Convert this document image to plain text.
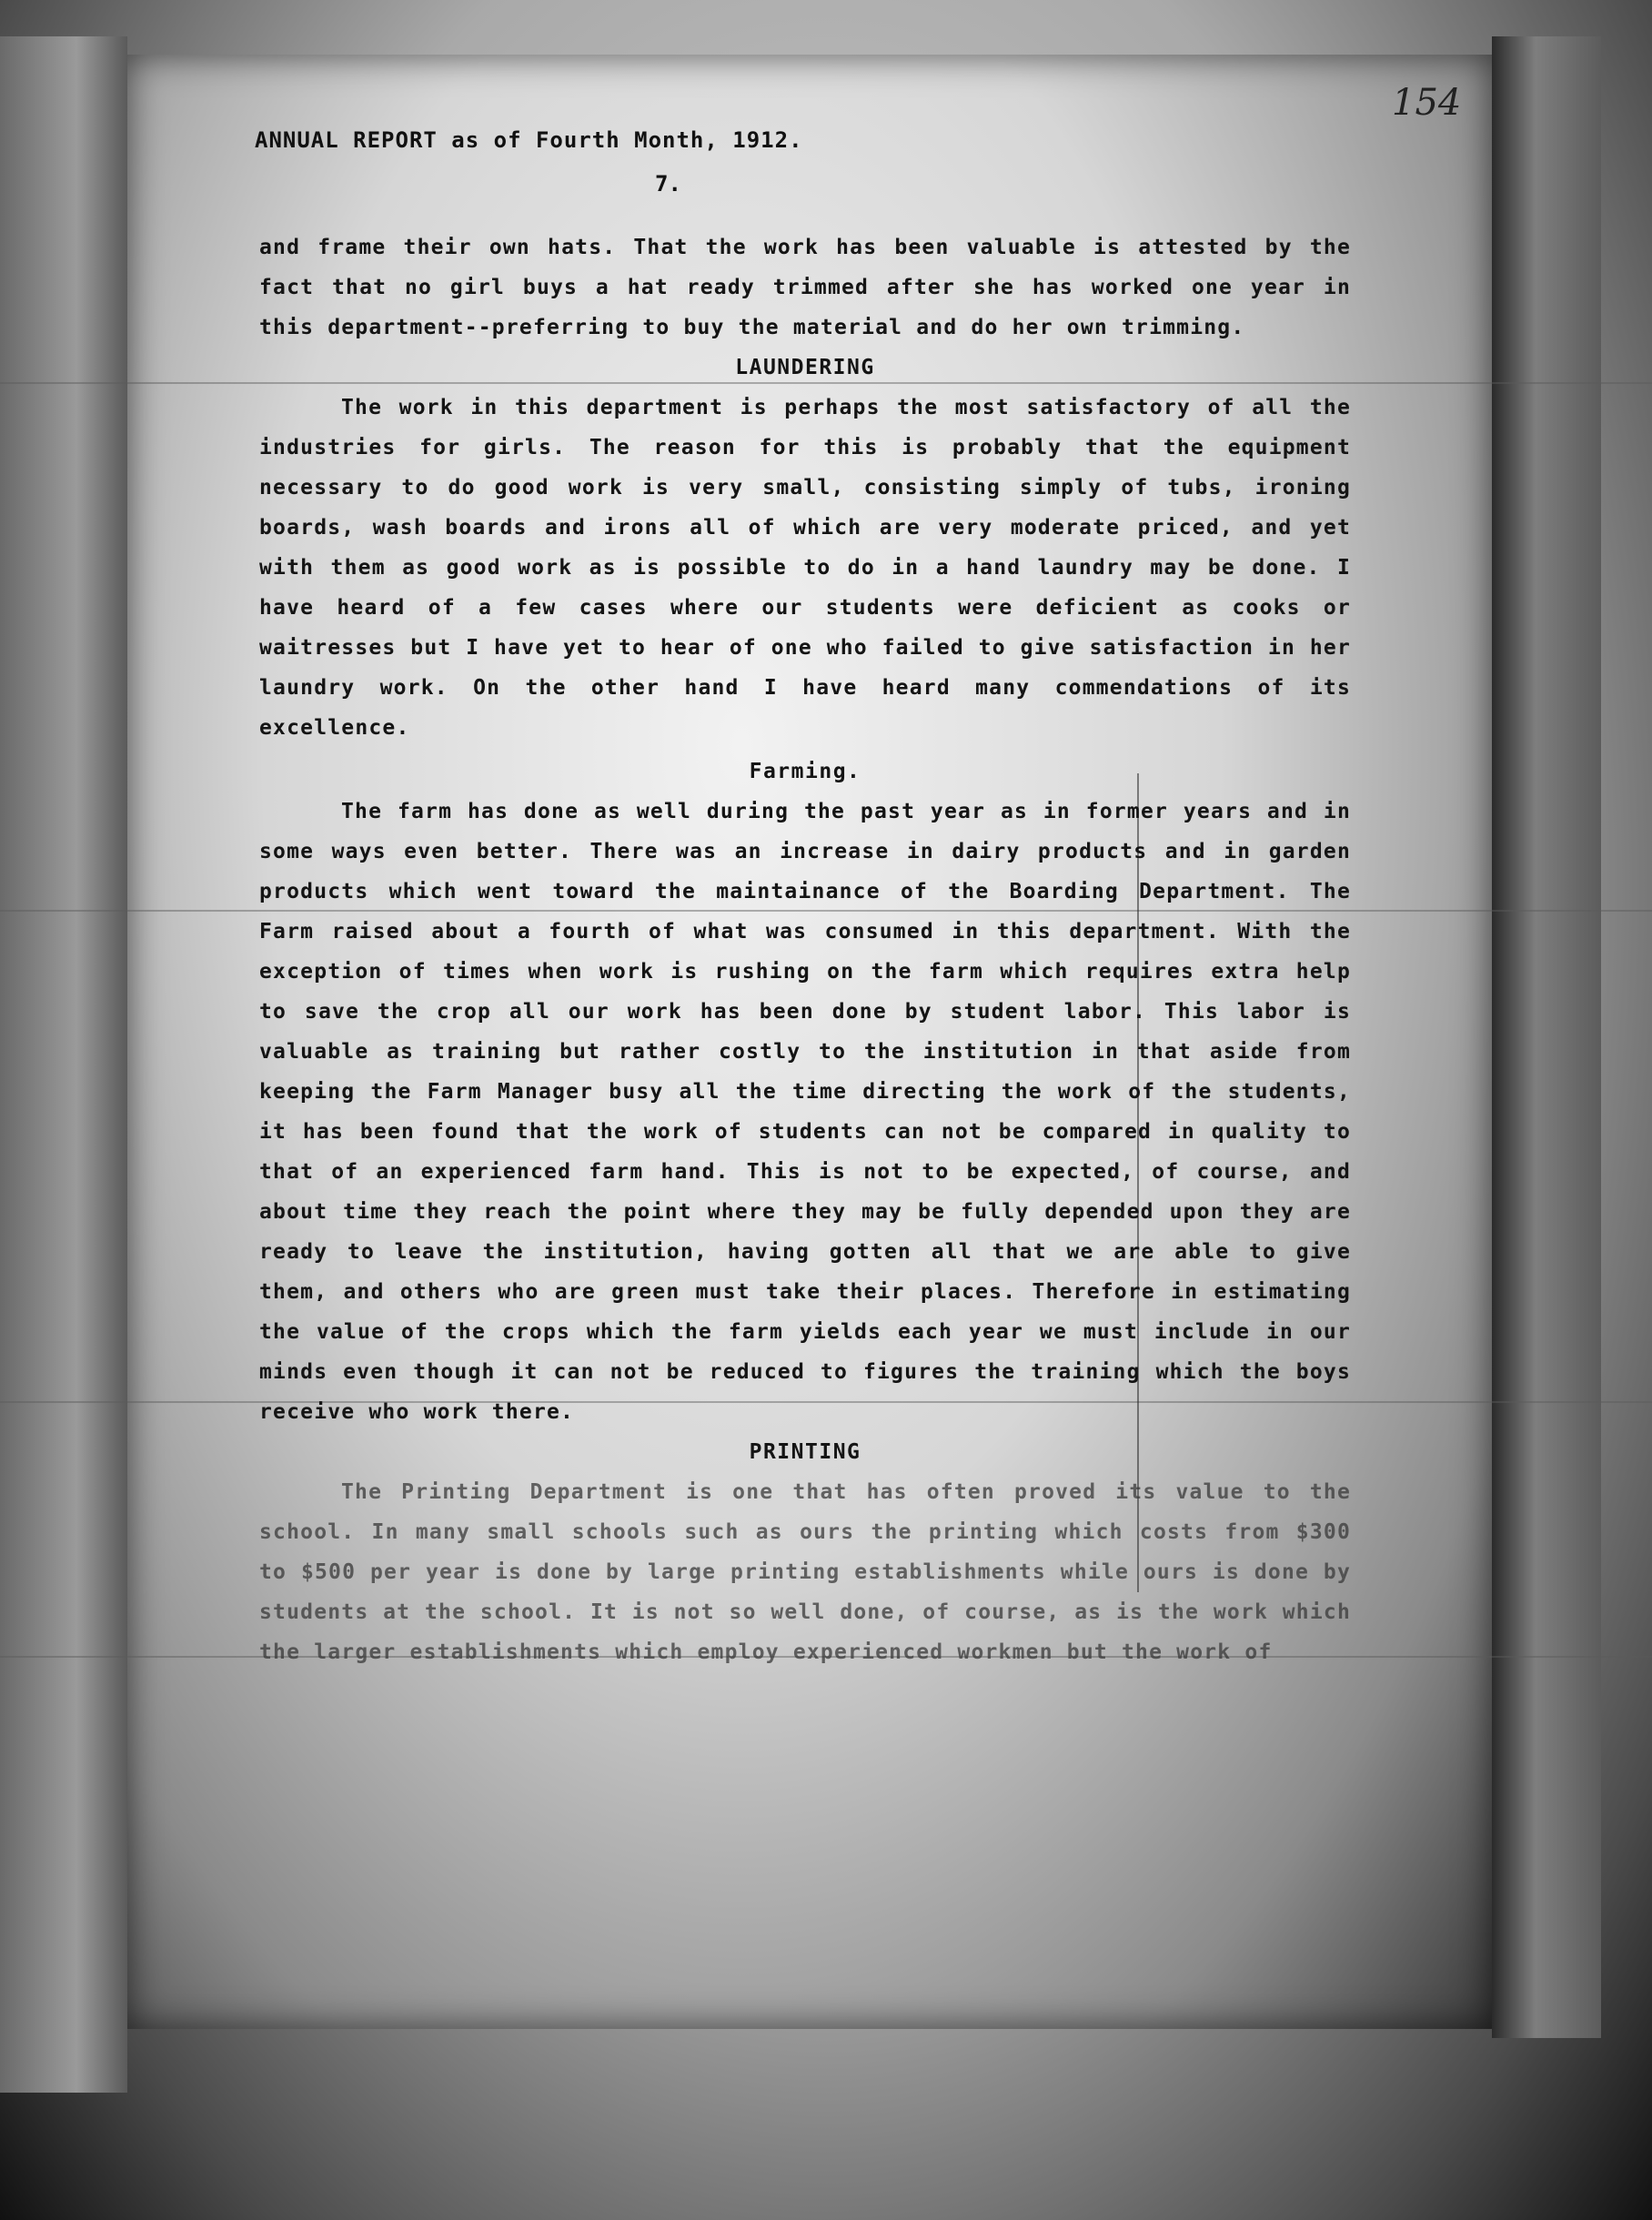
154
ANNUAL REPORT as of Fourth Month, 1912.
7.

and frame their own hats. That the work has been valuable is attested by the fact that no girl buys a hat ready trimmed after she has worked one year in this department--preferring to buy the material and do her own trimming.

LAUNDERING

The work in this department is perhaps the most satisfactory of all the industries for girls. The reason for this is probably that the equipment necessary to do good work is very small, consisting simply of tubs, ironing boards, wash boards and irons all of which are very moderate priced, and yet with them as good work as is possible to do in a hand laundry may be done. I have heard of a few cases where our students were deficient as cooks or waitresses but I have yet to hear of one who failed to give satisfaction in her laundry work. On the other hand I have heard many commendations of its excellence.

Farming.

The farm has done as well during the past year as in former years and in some ways even better. There was an increase in dairy products and in garden products which went toward the maintainance of the Boarding Department. The Farm raised about a fourth of what was consumed in this department. With the exception of times when work is rushing on the farm which requires extra help to save the crop all our work has been done by student labor. This labor is valuable as training but rather costly to the institution in that aside from keeping the Farm Manager busy all the time directing the work of the students, it has been found that the work of students can not be compared in quality to that of an experienced farm hand. This is not to be expected, of course, and about time they reach the point where they may be fully depended upon they are ready to leave the institution, having gotten all that we are able to give them, and others who are green must take their places. Therefore in estimating the value of the crops which the farm yields each year we must include in our minds even though it can not be reduced to figures the training which the boys receive who work there.

PRINTING

The Printing Department is one that has often proved its value to the school. In many small schools such as ours the printing which costs from $300 to $500 per year is done by large printing establishments while ours is done by students at the school. It is not so well done, of course, as is the work which the larger establishments which employ experienced workmen but the work of
